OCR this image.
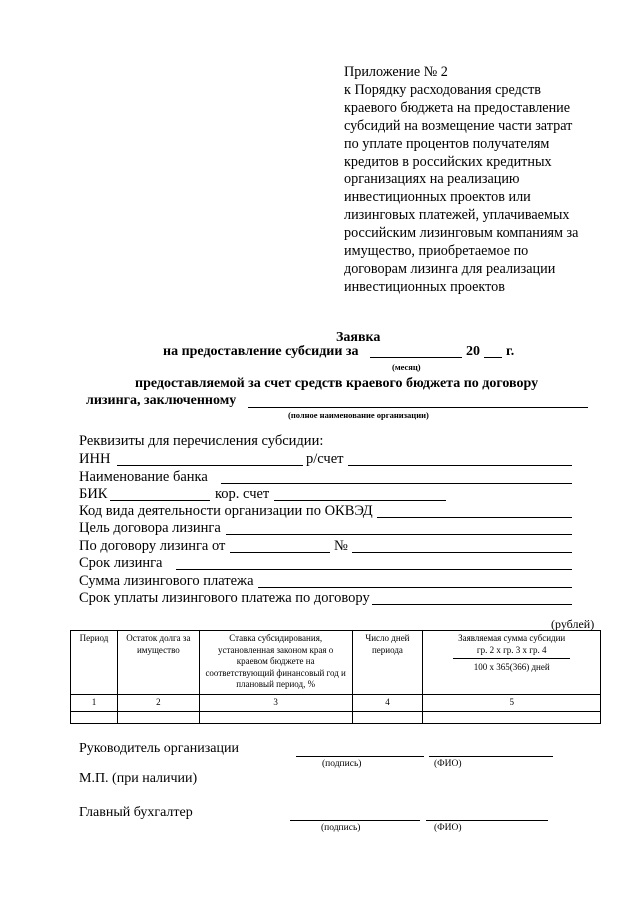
Приложение № 2
к Порядку расходования средств
краевого бюджета на предоставление
субсидий на возмещение части затрат
по уплате процентов получателям
кредитов в российских кредитных
организациях на реализацию
инвестиционных проектов или
лизинговых платежей, уплачиваемых
российским лизинговым компаниям за
имущество, приобретаемое по
договорам лизинга для реализации
инвестиционных проектов
Заявка
на предоставление субсидии за	20 г.
(месяц)
предоставляемой за счет средств краевого бюджета по договору
лизинга, заключенному
(полное наименование организации)
Реквизиты для перечисления субсидии:
ИНН	р/счет
Наименование банка
БИК	кор. счет
Код вида деятельности организации по ОКВЭД
Цель договора лизинга
По договору лизинга от	№
Срок лизинга
Сумма лизингового платежа
Срок уплаты лизингового платежа по договору
(рублей)
Период	Остаток долга за имущество	Ставка субсидирования, установленная законом края о краевом бюджете на соответствующий финансовый год и плановый период, %	Число дней периода	Заявляемая сумма субсидии
гр. 2 х гр. 3 х гр. 4
100 х 365(366) дней

1	2	3	4	5

Руководитель организации
(подпись)	(ФИО)
М.П. (при наличии)
Главный бухгалтер
(подпись)	(ФИО)
